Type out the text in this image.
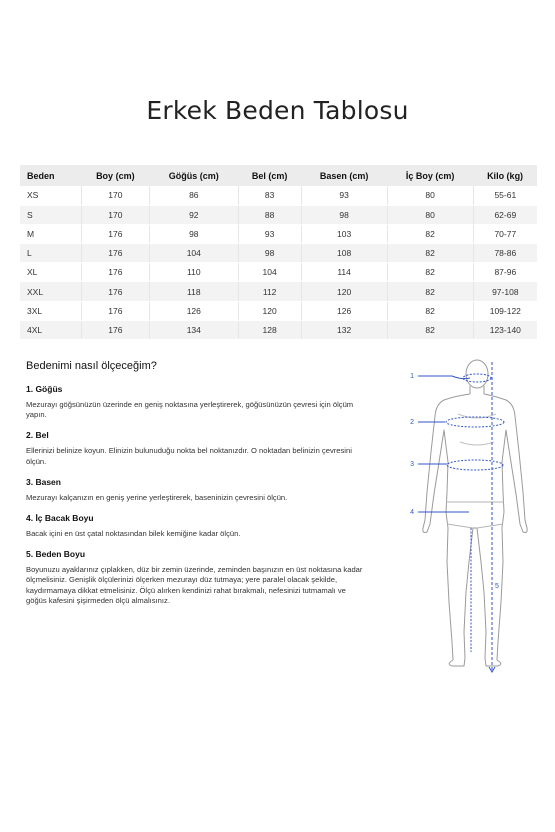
Erkek Beden Tablosu
Beden	Boy (cm)	Göğüs (cm)	Bel (cm)	Basen (cm)	İç Boy (cm)	Kilo (kg)
XS	170	86	83	93	80	55-61
S	170	92	88	98	80	62-69
M	176	98	93	103	82	70-77
L	176	104	98	108	82	78-86
XL	176	110	104	114	82	87-96
XXL	176	118	112	120	82	97-108
3XL	176	126	120	126	82	109-122
4XL	176	134	128	132	82	123-140
Bedenimi nasıl ölçeceğim?
1. Göğüs

Mezurayı göğsünüzün üzerinde en geniş noktasına yerleştirerek, göğüsünüzün çevresi için ölçüm yapın.

2. Bel

Ellerinizi belinize koyun. Elinizin bulunuduğu nokta bel noktanızdır. O noktadan belinizin çevresini ölçün.

3. Basen

Mezurayı kalçanızın en geniş yerine yerleştirerek, baseninizin çevresini ölçün.

4. İç Bacak Boyu

Bacak içini en üst çatal noktasından bilek kemiğine kadar ölçün.

5. Beden Boyu

Boyunuzu ayaklarınız çıplakken, düz bir zemin üzerinde, zeminden başınızın en üst noktasına kadar ölçmelisiniz. Genişlik ölçülerinizi ölçerken mezurayı düz tutmaya; yere paralel olacak şekilde, kaydırmamaya dikkat etmelisiniz. Ölçü alırken kendinizi rahat bırakmalı, nefesinizi tutmamalı ve göğüs kafesini şişirmeden ölçü almalısınız.

1
2
3
4
5
